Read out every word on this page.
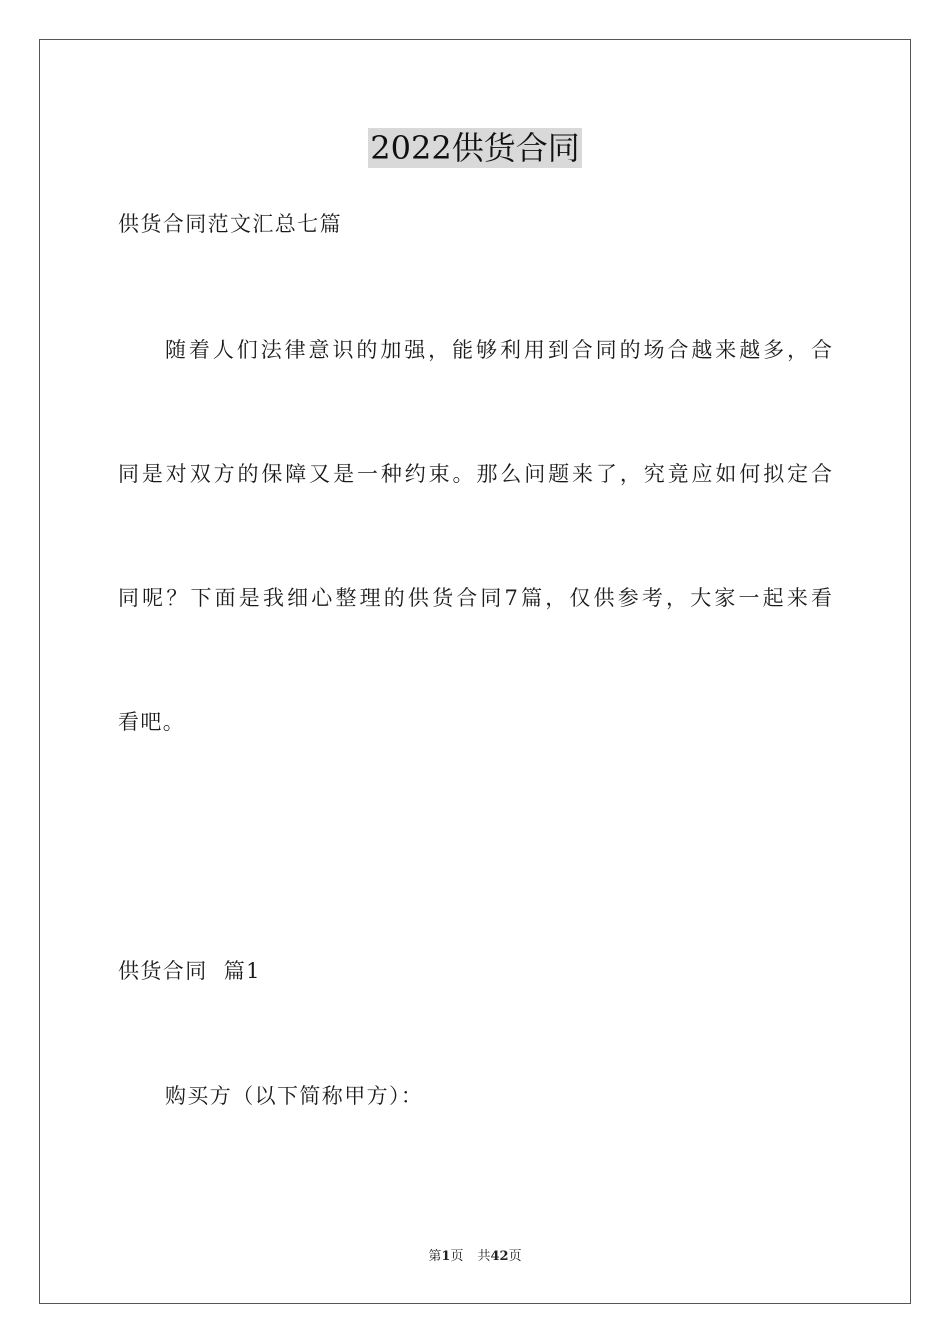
2022供货合同
供货合同范文汇总七篇
随着人们法律意识的加强，能够利用到合同的场合越来越多，合
同是对双方的保障又是一种约束。那么问题来了，究竟应如何拟定合
同呢？下面是我细心整理的供货合同7篇，仅供参考，大家一起来看
看吧。
供货合同  篇1
购买方（以下简称甲方）：
第1页 共42页
